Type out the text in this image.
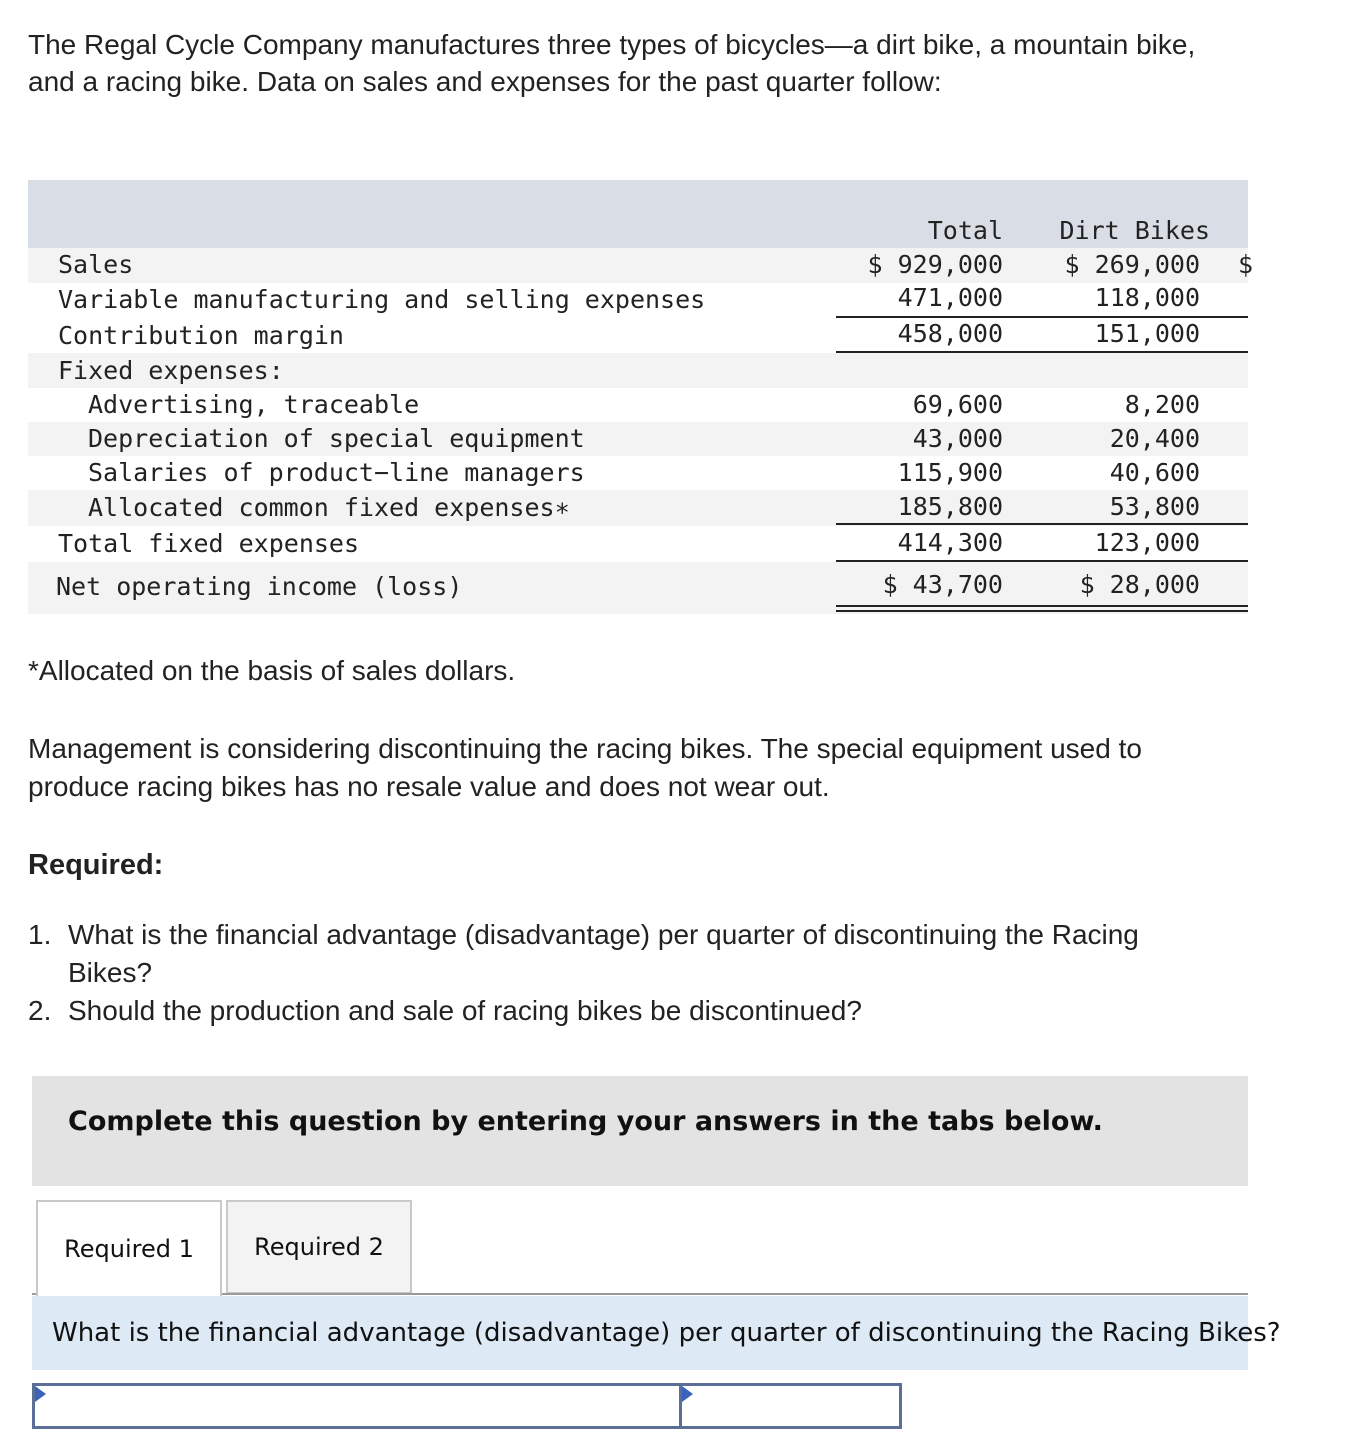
The Regal Cycle Company manufactures three types of bicycles—a dirt bike, a mountain bike, and a racing bike. Data on sales and expenses for the past quarter follow:

Total Dirt Bikes
Sales	$ 929,000 $ 269,000 $
Variable manufacturing and selling expenses	471,000	118,000
Contribution margin	458,000	151,000
Fixed expenses:
Advertising, traceable	69,600	8,200
Depreciation of special equipment	43,000	20,400
Salaries of product−line managers	115,900	40,600
Allocated common fixed expenses∗	185,800	53,800
Total fixed expenses	414,300	123,000
Net operating income (loss)	$ 43,700	$ 28,000

*Allocated on the basis of sales dollars.

Management is considering discontinuing the racing bikes. The special equipment used to produce racing bikes has no resale value and does not wear out.

Required:

1. What is the financial advantage (disadvantage) per quarter of discontinuing the Racing Bikes?
2. Should the production and sale of racing bikes be discontinued?
Complete this question by entering your answers in the tabs below.
Required 1	Required 2
What is the financial advantage (disadvantage) per quarter of discontinuing the Racing Bikes?
